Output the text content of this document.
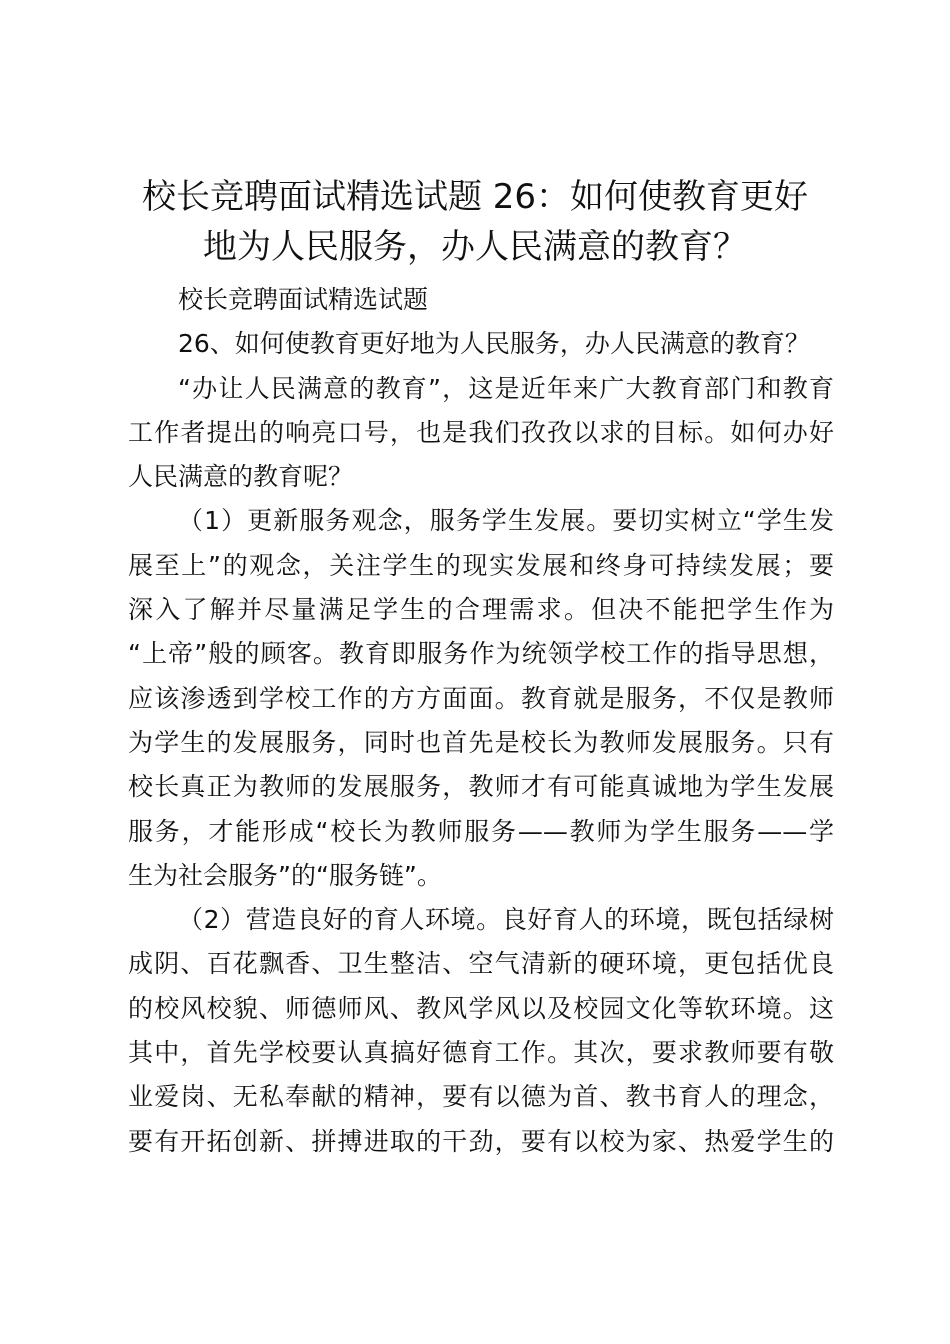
校长竞聘面试精选试题 26：如何使教育更好
地为人民服务，办人民满意的教育？
校长竞聘面试精选试题
26、如何使教育更好地为人民服务，办人民满意的教育？
“办让人民满意的教育”，这是近年来广大教育部门和教育
工作者提出的响亮口号，也是我们孜孜以求的目标。如何办好
人民满意的教育呢？
（1）更新服务观念，服务学生发展。要切实树立“学生发
展至上”的观念，关注学生的现实发展和终身可持续发展；要
深入了解并尽量满足学生的合理需求。但决不能把学生作为
“上帝”般的顾客。教育即服务作为统领学校工作的指导思想，
应该渗透到学校工作的方方面面。教育就是服务，不仅是教师
为学生的发展服务，同时也首先是校长为教师发展服务。只有
校长真正为教师的发展服务，教师才有可能真诚地为学生发展
服务，才能形成“校长为教师服务——教师为学生服务——学
生为社会服务”的“服务链”。
（2）营造良好的育人环境。良好育人的环境，既包括绿树
成阴、百花飘香、卫生整洁、空气清新的硬环境，更包括优良
的校风校貌、师德师风、教风学风以及校园文化等软环境。这
其中，首先学校要认真搞好德育工作。其次，要求教师要有敬
业爱岗、无私奉献的精神，要有以德为首、教书育人的理念，
要有开拓创新、拼搏进取的干劲，要有以校为家、热爱学生的
